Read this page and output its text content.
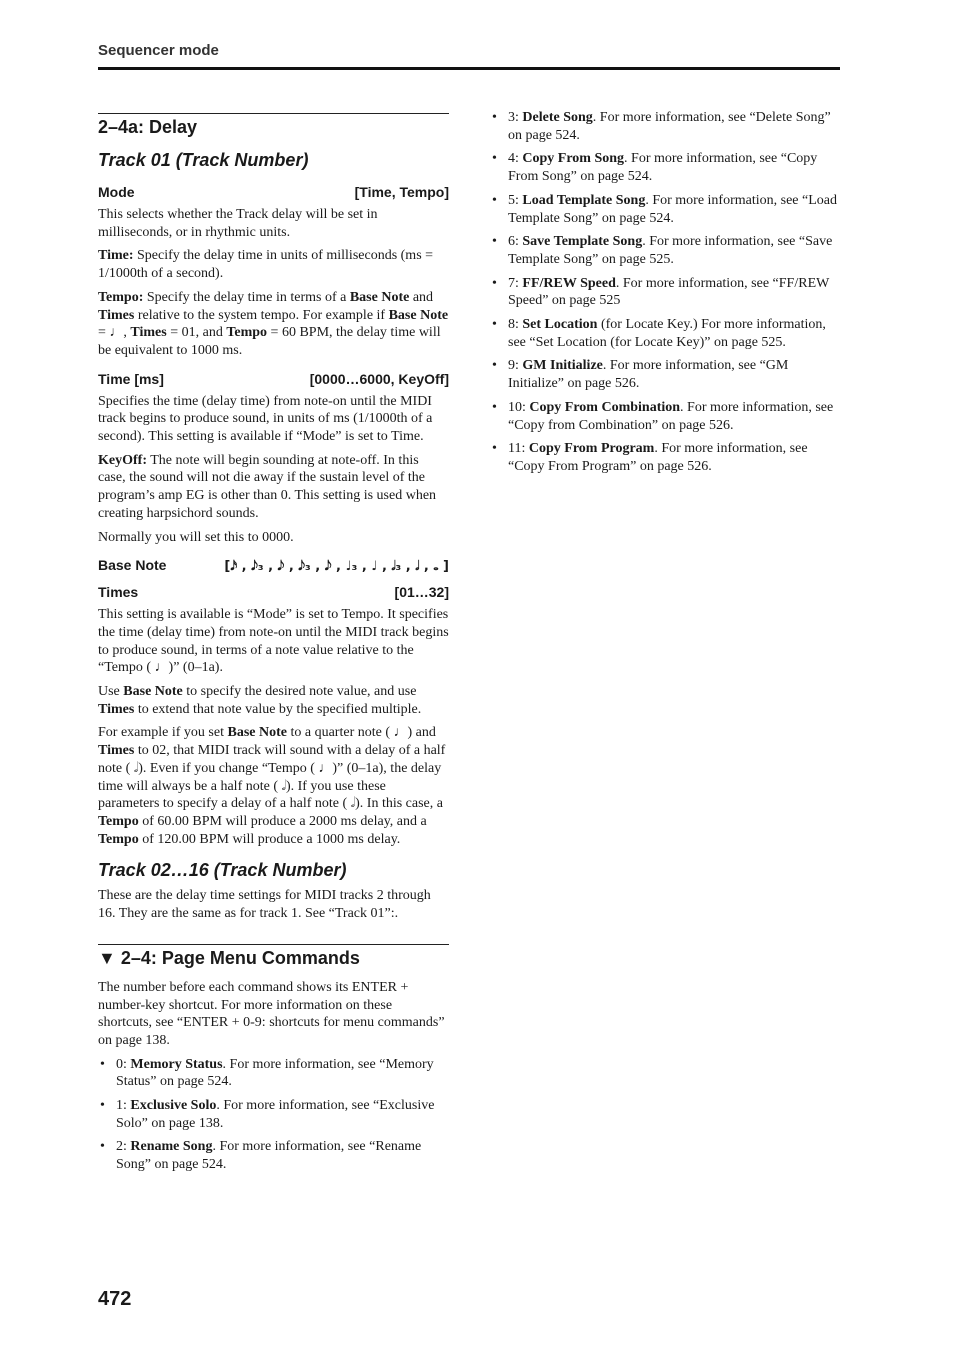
Sequencer mode
2–4a: Delay
Track 01 (Track Number)
Mode	[Time, Tempo]

This selects whether the Track delay will be set in milliseconds, or in rhythmic units.

Time: Specify the delay time in units of milliseconds (ms = 1/1000th of a second).

Tempo: Specify the delay time in terms of a Base Note and Times relative to the system tempo. For example if Base Note = ♩, Times = 01, and Tempo = 60 BPM, the delay time will be equivalent to 1000 ms.

Time [ms]	[0000…6000, KeyOff]

Specifies the time (delay time) from note-on until the MIDI track begins to produce sound, in units of ms (1/1000th of a second). This setting is available if “Mode” is set to Time.

KeyOff: The note will begin sounding at note-off. In this case, the sound will not die away if the sustain level of the program’s amp EG is other than 0. This setting is used when creating harpsichord sounds.

Normally you will set this to 0000.

Base Note	[𝅘𝅥𝅯 , 𝅘𝅥𝅮₃ , 𝅘𝅥𝅮 , 𝅘𝅥𝅮₃ , 𝅘𝅥𝅮 , ♩₃ , ♩ , 𝅗𝅥₃ , 𝅗𝅥 , 𝅝 ]
Times	[01…32]

This setting is available is “Mode” is set to Tempo. It specifies the time (delay time) from note-on until the MIDI track begins to produce sound, in terms of a note value relative to the “Tempo ( ♩)” (0–1a).

Use Base Note to specify the desired note value, and use Times to extend that note value by the specified multiple.

For example if you set Base Note to a quarter note ( ♩) and Times to 02, that MIDI track will sound with a delay of a half note ( 𝅗𝅥). Even if you change “Tempo ( ♩)” (0–1a), the delay time will always be a half note ( 𝅗𝅥). If you use these parameters to specify a delay of a half note ( 𝅗𝅥). In this case, a Tempo of 60.00 BPM will produce a 2000 ms delay, and a Tempo of 120.00 BPM will produce a 1000 ms delay.

Track 02…16 (Track Number)

These are the delay time settings for MIDI tracks 2 through 16. They are the same as for track 1. See “Track 01”:.

▼ 2–4: Page Menu Commands

The number before each command shows its ENTER + number-key shortcut. For more information on these shortcuts, see “ENTER + 0-9: shortcuts for menu commands” on page 138.

• 0: Memory Status. For more information, see “Memory Status” on page 524.
• 1: Exclusive Solo. For more information, see “Exclusive Solo” on page 138.
• 2: Rename Song. For more information, see “Rename Song” on page 524.
• 3: Delete Song. For more information, see “Delete Song” on page 524.
• 4: Copy From Song. For more information, see “Copy From Song” on page 524.
• 5: Load Template Song. For more information, see “Load Template Song” on page 524.
• 6: Save Template Song. For more information, see “Save Template Song” on page 525.
• 7: FF/REW Speed. For more information, see “FF/REW Speed” on page 525
• 8: Set Location (for Locate Key.) For more information, see “Set Location (for Locate Key)” on page 525.
• 9: GM Initialize. For more information, see “GM Initialize” on page 526.
• 10: Copy From Combination. For more information, see “Copy from Combination” on page 526.
• 11: Copy From Program. For more information, see “Copy From Program” on page 526.
472
